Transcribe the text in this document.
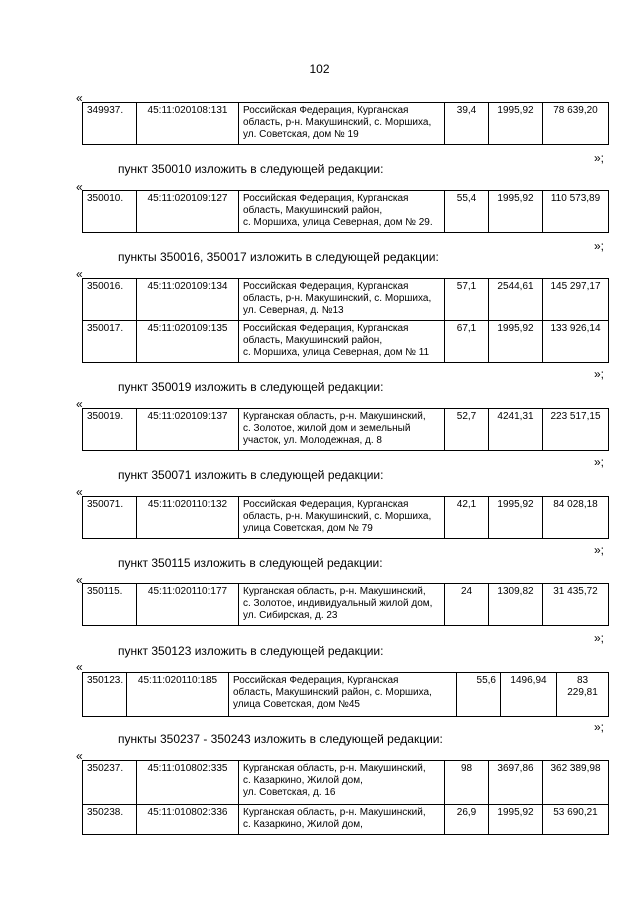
102
«
349937.	45:11:020108:131	Российская Федерация, Курганская
область, р-н. Макушинский, с. Моршиха,
ул. Советская, дом № 19
	39,4	1995,92	78 639,20
»;
пункт 350010 изложить в следующей редакции:
«
350010.	45:11:020109:127	Российская Федерация, Курганская
область, Макушинский район,
с. Моршиха, улица Северная, дом № 29.
	55,4	1995,92	110 573,89
»;
пункты 350016, 350017 изложить в следующей редакции:
«
350016.	45:11:020109:134	Российская Федерация, Курганская
область, р-н. Макушинский, с. Моршиха,
ул. Северная, д. №13	57,1	2544,61	145 297,17
350017.	45:11:020109:135	Российская Федерация, Курганская
область, Макушинский район,
с. Моршиха, улица Северная, дом № 11	67,1	1995,92	133 926,14
»;
пункт 350019 изложить в следующей редакции:
«
350019.	45:11:020109:137	Курганская область, р-н. Макушинский,
с. Золотое, жилой дом и земельный
участок, ул. Молодежная, д. 8
	52,7	4241,31	223 517,15
»;
пункт 350071 изложить в следующей редакции:
«
350071.	45:11:020110:132	Российская Федерация, Курганская
область, р-н. Макушинский, с. Моршиха,
улица Советская, дом № 79
	42,1	1995,92	84 028,18
»;
пункт 350115 изложить в следующей редакции:
«
350115.	45:11:020110:177	Курганская область, р-н. Макушинский,
с. Золотое, индивидуальный жилой дом,
ул. Сибирская, д. 23
	24	1309,82	31 435,72
»;
пункт 350123 изложить в следующей редакции:
«
350123.	45:11:020110:185	Российская Федерация, Курганская
область, Макушинский район, с. Моршиха,
улица Советская, дом №45
	55,6	1496,94	83 229,81
»;
пункты 350237 - 350243 изложить в следующей редакции:
«
350237.	45:11:010802:335	Курганская область, р-н. Макушинский,
с. Казаркино, Жилой дом,
ул. Советская, д. 16	98	3697,86	362 389,98
350238.	45:11:010802:336	Курганская область, р-н. Макушинский,
с. Казаркино, Жилой дом,	26,9	1995,92	53 690,21
